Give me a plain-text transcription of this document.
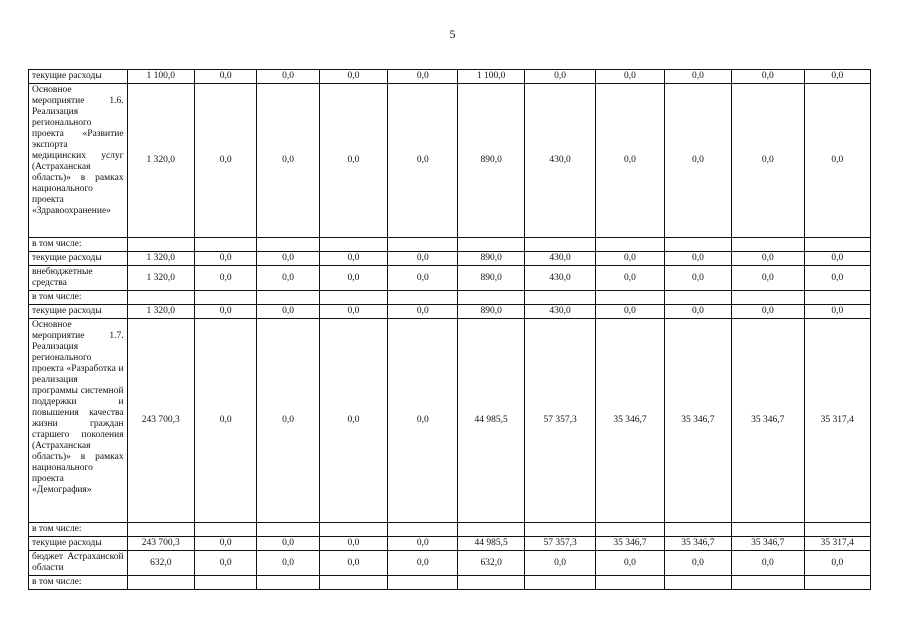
5
текущие расходы	1 100,0	0,0	0,0	0,0	0,0	1 100,0	0,0	0,0	0,0	0,0	0,0
Основное мероприятие 1.6. Реализация регионального проекта «Развитие экспорта медицинских услуг (Астраханская область)» в рамках национального проекта «Здравоохранение»	1 320,0	0,0	0,0	0,0	0,0	890,0	430,0	0,0	0,0	0,0	0,0
в том числе:											
текущие расходы	1 320,0	0,0	0,0	0,0	0,0	890,0	430,0	0,0	0,0	0,0	0,0
внебюджетные средства	1 320,0	0,0	0,0	0,0	0,0	890,0	430,0	0,0	0,0	0,0	0,0
в том числе:											
текущие расходы	1 320,0	0,0	0,0	0,0	0,0	890,0	430,0	0,0	0,0	0,0	0,0
Основное мероприятие 1.7. Реализация регионального проекта «Разработка и реализация программы системной поддержки и повышения качества жизни граждан старшего поколения (Астраханская область)» в рамках национального проекта «Демография»	243 700,3	0,0	0,0	0,0	0,0	44 985,5	57 357,3	35 346,7	35 346,7	35 346,7	35 317,4
в том числе:											
текущие расходы	243 700,3	0,0	0,0	0,0	0,0	44 985,5	57 357,3	35 346,7	35 346,7	35 346,7	35 317,4
бюджет Астраханской области	632,0	0,0	0,0	0,0	0,0	632,0	0,0	0,0	0,0	0,0	0,0
в том числе:											
